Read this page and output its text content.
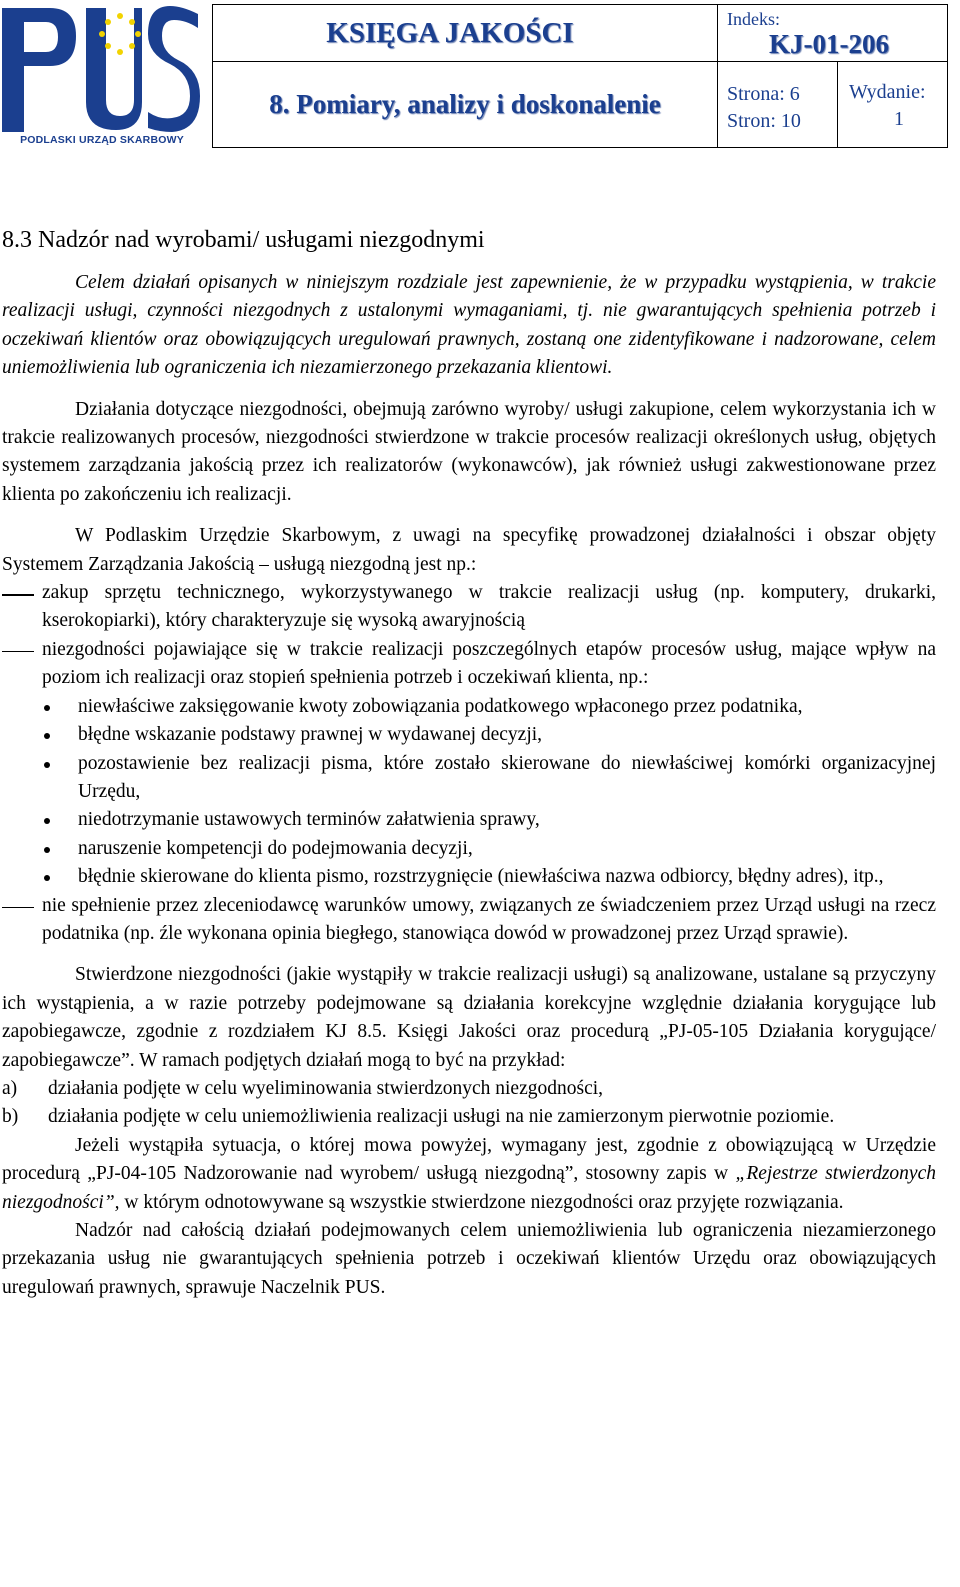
PODLASKI URZĄD SKARBOWY
KSIĘGA JAKOŚCI
8. Pomiary, analizy i doskonalenie
Indeks:
KJ-01-206
Strona: 6
Stron: 10
Wydanie:
1
8.3 Nadzór nad wyrobami/ usługami niezgodnymi

Celem działań opisanych w niniejszym rozdziale jest zapewnienie, że w przypadku wystąpienia, w trakcie realizacji usługi, czynności niezgodnych z ustalonymi wymaganiami, tj. nie gwarantujących spełnienia potrzeb i oczekiwań klientów oraz obowiązujących uregulowań prawnych, zostaną one zidentyfikowane i nadzorowane, celem uniemożliwienia lub ograniczenia ich niezamierzonego przekazania klientowi.

Działania dotyczące niezgodności, obejmują zarówno wyroby/ usługi zakupione, celem wykorzystania ich w trakcie realizowanych procesów, niezgodności stwierdzone w trakcie procesów realizacji określonych usług, objętych systemem zarządzania jakością przez ich realizatorów (wykonawców), jak również usługi zakwestionowane przez klienta po zakończeniu ich realizacji.

W Podlaskim Urzędzie Skarbowym, z uwagi na specyfikę prowadzonej działalności i obszar objęty Systemem Zarządzania Jakością – usługą niezgodną jest np.:

zakup sprzętu technicznego, wykorzystywanego w trakcie realizacji usług (np. komputery, drukarki, kserokopiarki), który charakteryzuje się wysoką awaryjnością
niezgodności pojawiające się w trakcie realizacji poszczególnych etapów procesów usług, mające wpływ na poziom ich realizacji oraz stopień spełnienia potrzeb i oczekiwań klienta, np.:
niewłaściwe zaksięgowanie kwoty zobowiązania podatkowego wpłaconego przez podatnika,
błędne wskazanie podstawy prawnej w wydawanej decyzji,
pozostawienie bez realizacji pisma, które zostało skierowane do niewłaściwej komórki organizacyjnej Urzędu,
niedotrzymanie ustawowych terminów załatwienia sprawy,
naruszenie kompetencji do podejmowania decyzji,
błędnie skierowane do klienta pismo, rozstrzygnięcie (niewłaściwa nazwa odbiorcy, błędny adres), itp.,
nie spełnienie przez zleceniodawcę warunków umowy, związanych ze świadczeniem przez Urząd usługi na rzecz podatnika (np. źle wykonana opinia biegłego, stanowiąca dowód w prowadzonej przez Urząd sprawie).

Stwierdzone niezgodności (jakie wystąpiły w trakcie realizacji usługi) są analizowane, ustalane są przyczyny ich wystąpienia, a w razie potrzeby podejmowane są działania korekcyjne względnie działania korygujące lub zapobiegawcze, zgodnie z rozdziałem KJ 8.5. Księgi Jakości oraz procedurą „PJ-05-105 Działania korygujące/ zapobiegawcze”. W ramach podjętych działań mogą to być na przykład:

a) działania podjęte w celu wyeliminowania stwierdzonych niezgodności,
b) działania podjęte w celu uniemożliwienia realizacji usługi na nie zamierzonym pierwotnie poziomie.

Jeżeli wystąpiła sytuacja, o której mowa powyżej, wymagany jest, zgodnie z obowiązującą w Urzędzie procedurą „PJ-04-105 Nadzorowanie nad wyrobem/ usługą niezgodną”, stosowny zapis w „Rejestrze stwierdzonych niezgodności”, w którym odnotowywane są wszystkie stwierdzone niezgodności oraz przyjęte rozwiązania.

Nadzór nad całością działań podejmowanych celem uniemożliwienia lub ograniczenia niezamierzonego przekazania usług nie gwarantujących spełnienia potrzeb i oczekiwań klientów Urzędu oraz obowiązujących uregulowań prawnych, sprawuje Naczelnik PUS.
